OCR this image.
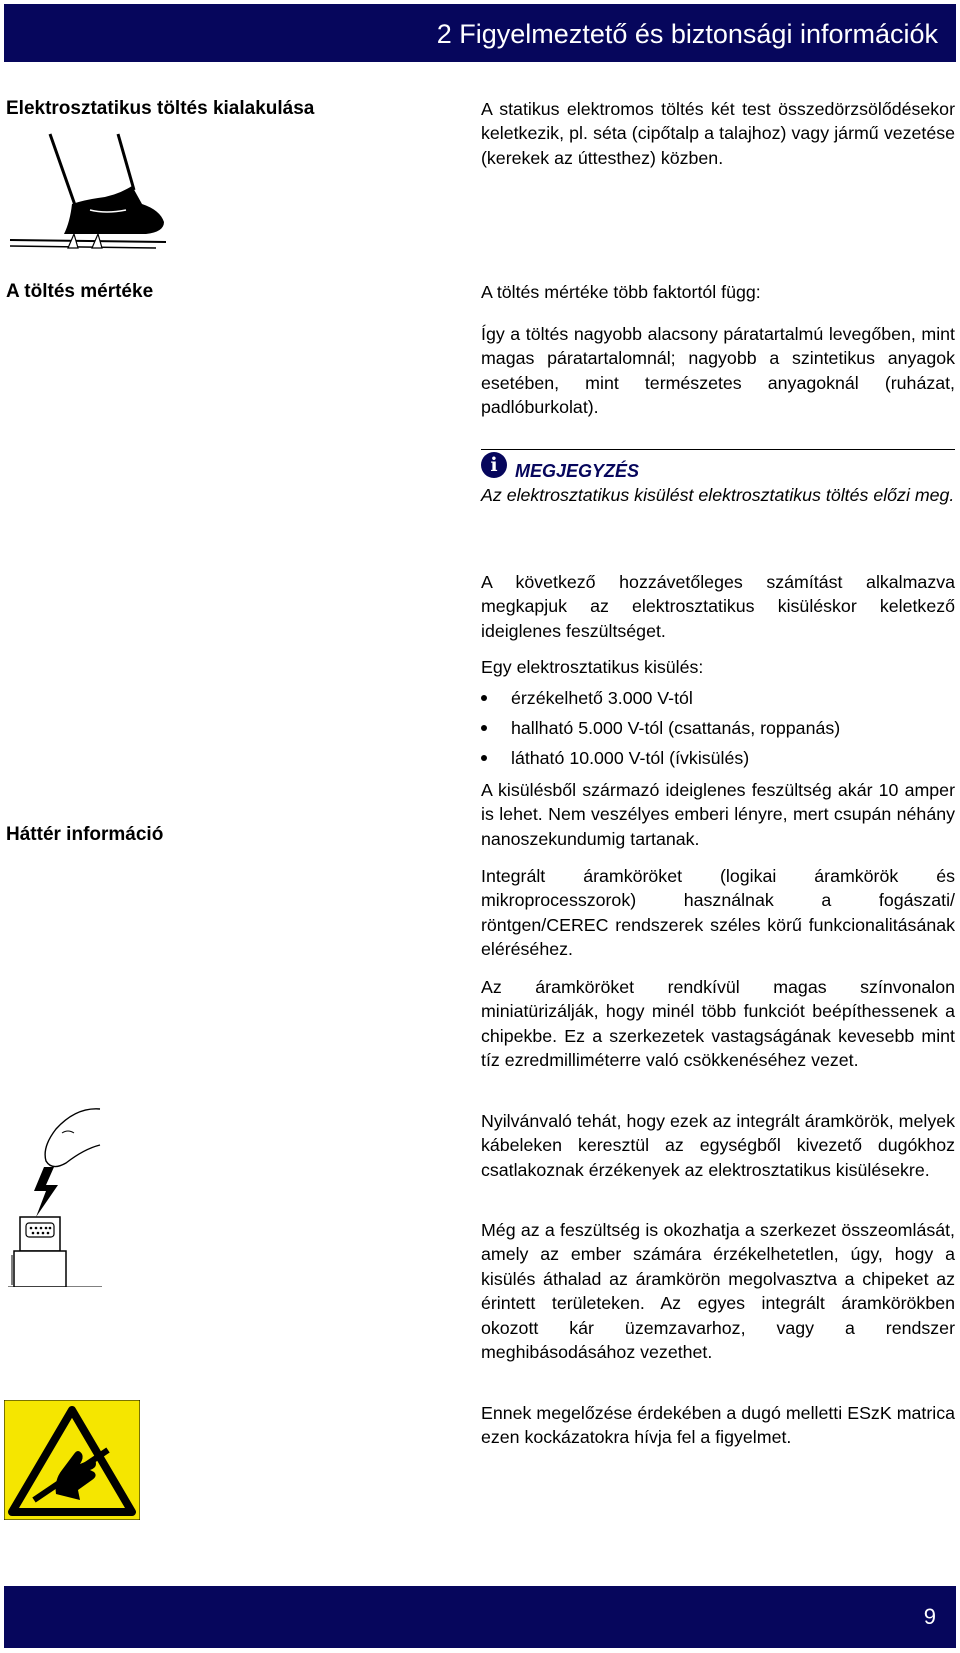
2 Figyelmeztető és biztonsági információk
Elektrosztatikus töltés kialakulása
A töltés mértéke
Háttér információ

A statikus elektromos töltés két test összedörzsölődésekor keletkezik, pl. séta (cipőtalp a talajhoz) vagy jármű vezetése (kerekek az úttesthez) közben.

A töltés mértéke több faktortól függ:

Így a töltés nagyobb alacsony páratartalmú levegőben, mint magas páratartalomnál; nagyobb a szintetikus anyagok esetében, mint természetes anyagoknál (ruházat, padlóburkolat).

i MEGJEGYZÉS

Az elektrosztatikus kisülést elektrosztatikus töltés előzi meg.

A következő hozzávetőleges számítást alkalmazva megkapjuk az elektrosztatikus kisüléskor keletkező ideiglenes feszültséget.

Egy elektrosztatikus kisülés:

érzékelhető 3.000 V-tól
hallható 5.000 V-tól (csattanás, roppanás)
látható 10.000 V-tól (ívkisülés)

A kisülésből származó ideiglenes feszültség akár 10 amper is lehet. Nem veszélyes emberi lényre, mert csupán néhány nanoszekundumig tartanak.

Integrált áramköröket (logikai áramkörök és mikroprocesszorok) használnak a fogászati/ röntgen/CEREC rendszerek széles körű funkcionalitásának eléréséhez.

Az áramköröket rendkívül magas színvonalon miniatürizálják, hogy minél több funkciót beépíthessenek a chipekbe. Ez a szerkezetek vastagságának kevesebb mint tíz ezredmilliméterre való csökkenéséhez vezet.

Nyilvánvaló tehát, hogy ezek az integrált áramkörök, melyek kábeleken keresztül az egységből kivezető dugókhoz csatlakoznak érzékenyek az elektrosztatikus kisülésekre.

Még az a feszültség is okozhatja a szerkezet összeomlását, amely az ember számára érzékelhetetlen, úgy, hogy a kisülés áthalad az áramkörön megolvasztva a chipeket az érintett területeken. Az egyes integrált áramkörökben okozott kár üzemzavarhoz, vagy a rendszer meghibásodásához vezethet.

Ennek megelőzése érdekében a dugó melletti ESzK matrica ezen kockázatokra hívja fel a figyelmet.

9
